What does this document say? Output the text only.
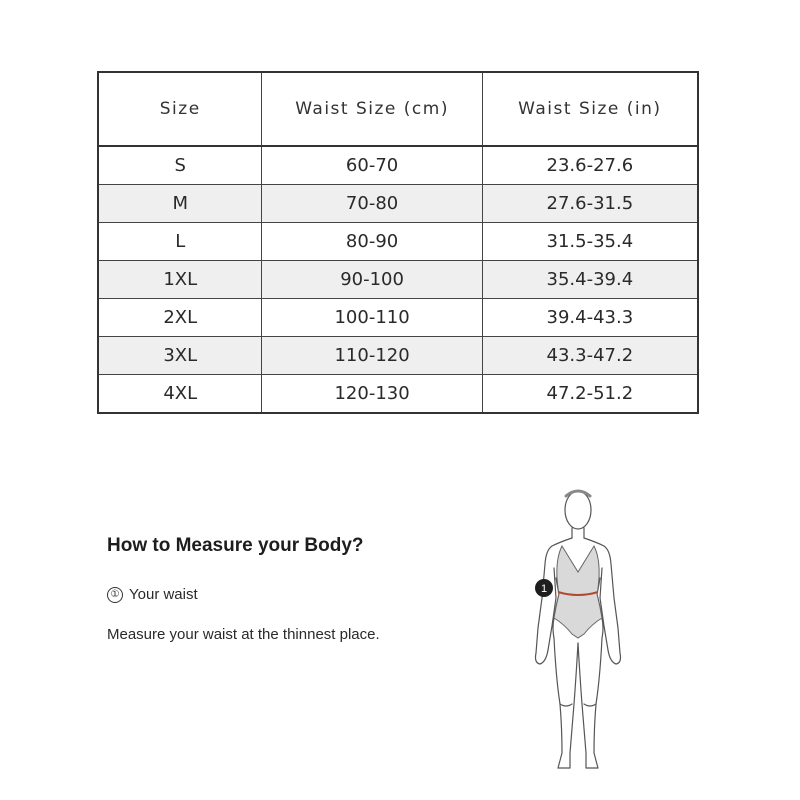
Size	Waist Size (cm)	Waist Size (in)
S	60-70	23.6-27.6
M	70-80	27.6-31.5
L	80-90	31.5-35.4
1XL	90-100	35.4-39.4
2XL	100-110	39.4-43.3
3XL	110-120	43.3-47.2
4XL	120-130	47.2-51.2
How to Measure your Body?
① Your waist
Measure your waist at the thinnest place.
1
